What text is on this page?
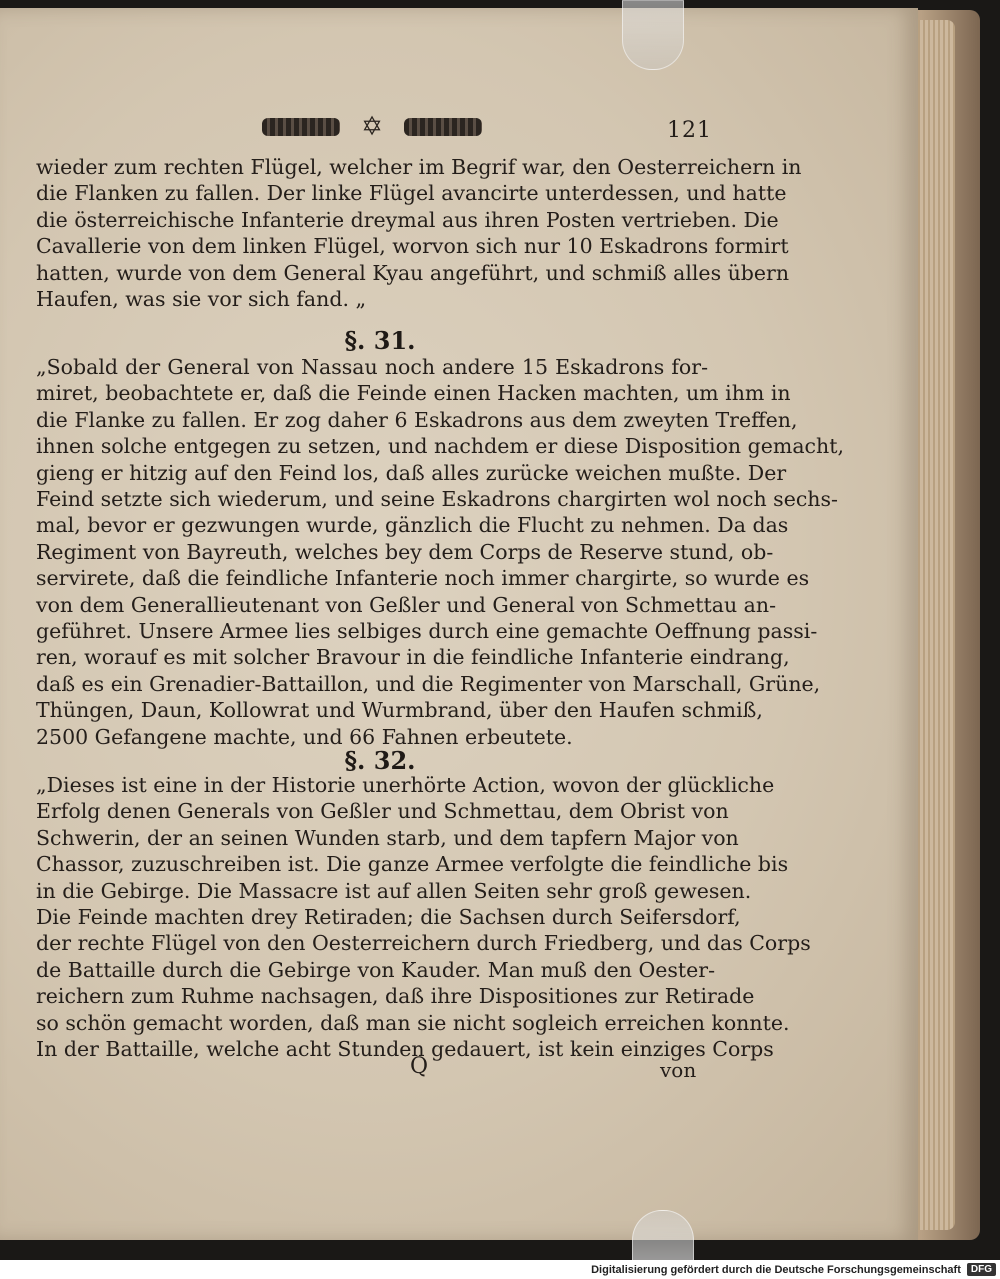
✡	121
wieder zum rechten Flügel, welcher im Begrif war, den Oesterreichern in
die Flanken zu fallen. Der linke Flügel avancirte unterdessen, und hatte
die österreichische Infanterie dreymal aus ihren Posten vertrieben. Die
Cavallerie von dem linken Flügel, worvon sich nur 10 Eskadrons formirt
hatten, wurde von dem General Kyau angeführt, und schmiß alles übern
Haufen, was sie vor sich fand. „
§. 31.
„Sobald der General von Nassau noch andere 15 Eskadrons for-
miret, beobachtete er, daß die Feinde einen Hacken machten, um ihm in
die Flanke zu fallen. Er zog daher 6 Eskadrons aus dem zweyten Treffen,
ihnen solche entgegen zu setzen, und nachdem er diese Disposition gemacht,
gieng er hitzig auf den Feind los, daß alles zurücke weichen mußte. Der
Feind setzte sich wiederum, und seine Eskadrons chargirten wol noch sechs-
mal, bevor er gezwungen wurde, gänzlich die Flucht zu nehmen. Da das
Regiment von Bayreuth, welches bey dem Corps de Reserve stund, ob-
servirete, daß die feindliche Infanterie noch immer chargirte, so wurde es
von dem Generallieutenant von Geßler und General von Schmettau an-
geführet. Unsere Armee lies selbiges durch eine gemachte Oeffnung passi-
ren, worauf es mit solcher Bravour in die feindliche Infanterie eindrang,
daß es ein Grenadier-Battaillon, und die Regimenter von Marschall, Grüne,
Thüngen, Daun, Kollowrat und Wurmbrand, über den Haufen schmiß,
2500 Gefangene machte, und 66 Fahnen erbeutete.
§. 32.
„Dieses ist eine in der Historie unerhörte Action, wovon der glückliche
Erfolg denen Generals von Geßler und Schmettau, dem Obrist von
Schwerin, der an seinen Wunden starb, und dem tapfern Major von
Chassor, zuzuschreiben ist. Die ganze Armee verfolgte die feindliche bis
in die Gebirge. Die Massacre ist auf allen Seiten sehr groß gewesen.
Die Feinde machten drey Retiraden; die Sachsen durch Seifersdorf,
der rechte Flügel von den Oesterreichern durch Friedberg, und das Corps
de Battaille durch die Gebirge von Kauder. Man muß den Oester-
reichern zum Ruhme nachsagen, daß ihre Dispositiones zur Retirade
so schön gemacht worden, daß man sie nicht sogleich erreichen konnte.
In der Battaille, welche acht Stunden gedauert, ist kein einziges Corps
Q	von
Digitalisierung gefördert durch die Deutsche Forschungsgemeinschaft	DFG
